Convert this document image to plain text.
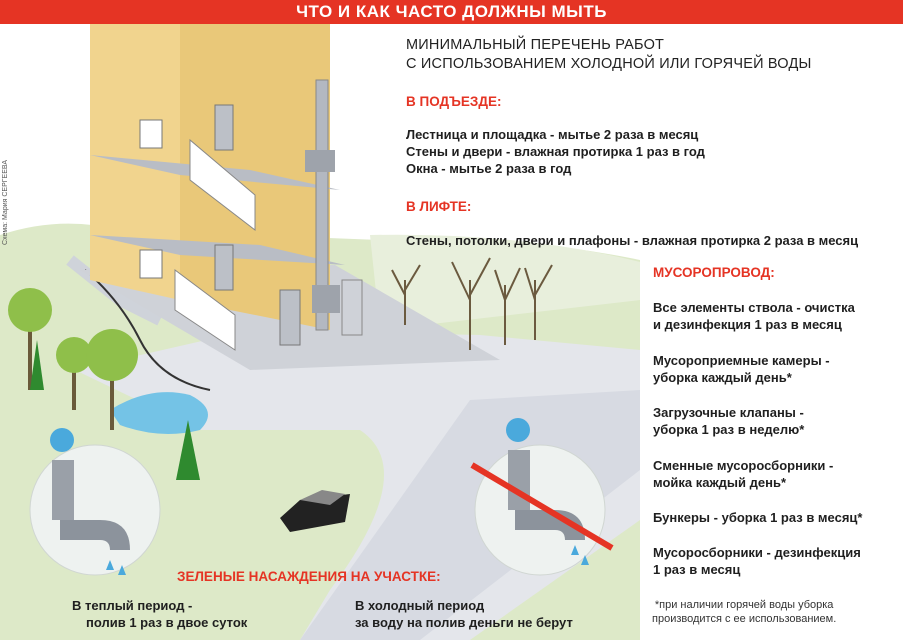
ЧТО И КАК ЧАСТО ДОЛЖНЫ МЫТЬ
Схема: Мария СЕРГЕЕВА
МИНИМАЛЬНЫЙ ПЕРЕЧЕНЬ РАБОТ
С ИСПОЛЬЗОВАНИЕМ ХОЛОДНОЙ ИЛИ ГОРЯЧЕЙ ВОДЫ
В ПОДЪЕЗДЕ:
Лестница и площадка - мытье 2 раза в месяц
Стены и двери - влажная протирка 1 раз в год
Окна - мытье 2 раза в год
В ЛИФТЕ:
Стены, потолки, двери и плафоны - влажная протирка 2 раза в месяц
МУСОРОПРОВОД:
Все элементы ствола - очистка
и дезинфекция 1 раз в месяц
Мусороприемные камеры -
уборка каждый день*
Загрузочные клапаны -
уборка 1 раз в неделю*
Сменные мусоросборники -
мойка каждый день*
Бункеры - уборка 1 раз в месяц*
Мусоросборники - дезинфекция
1 раз в месяц
ЗЕЛЕНЫЕ НАСАЖДЕНИЯ НА УЧАСТКЕ:
В теплый период -
полив 1 раз в двое суток
В холодный период
за воду на полив деньги не берут
*при наличии горячей воды уборка
производится с ее использованием.
